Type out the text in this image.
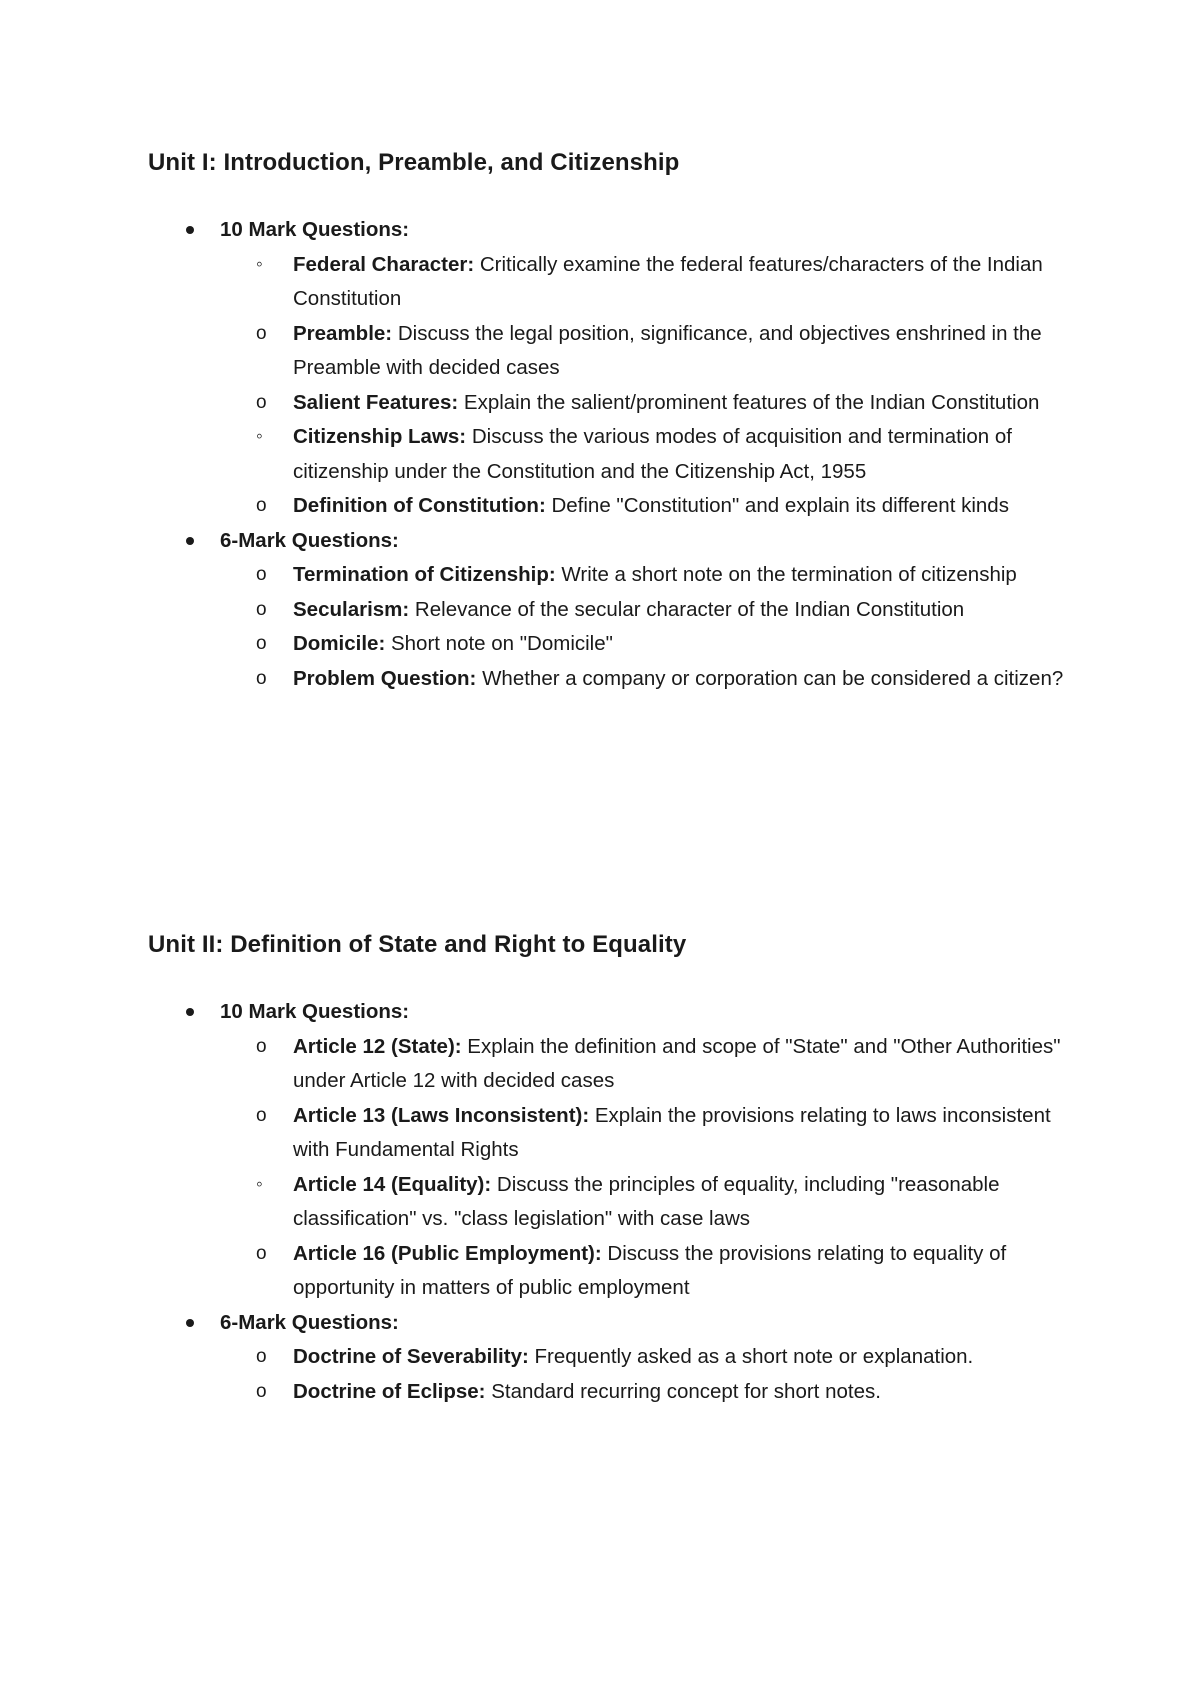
Unit I: Introduction, Preamble, and Citizenship
10 Mark Questions:
◦ Federal Character: Critically examine the federal features/characters of the Indian Constitution
o Preamble: Discuss the legal position, significance, and objectives enshrined in the Preamble with decided cases
o Salient Features: Explain the salient/prominent features of the Indian Constitution
◦ Citizenship Laws: Discuss the various modes of acquisition and termination of citizenship under the Constitution and the Citizenship Act, 1955
o Definition of Constitution: Define "Constitution" and explain its different kinds
6-Mark Questions:
o Termination of Citizenship: Write a short note on the termination of citizenship
o Secularism: Relevance of the secular character of the Indian Constitution
o Domicile: Short note on "Domicile"
o Problem Question: Whether a company or corporation can be considered a citizen?
Unit II: Definition of State and Right to Equality
10 Mark Questions:
o Article 12 (State): Explain the definition and scope of "State" and "Other Authorities" under Article 12 with decided cases
o Article 13 (Laws Inconsistent): Explain the provisions relating to laws inconsistent with Fundamental Rights
◦ Article 14 (Equality): Discuss the principles of equality, including "reasonable classification" vs. "class legislation" with case laws
o Article 16 (Public Employment): Discuss the provisions relating to equality of opportunity in matters of public employment
6-Mark Questions:
o Doctrine of Severability: Frequently asked as a short note or explanation.
o Doctrine of Eclipse: Standard recurring concept for short notes.
